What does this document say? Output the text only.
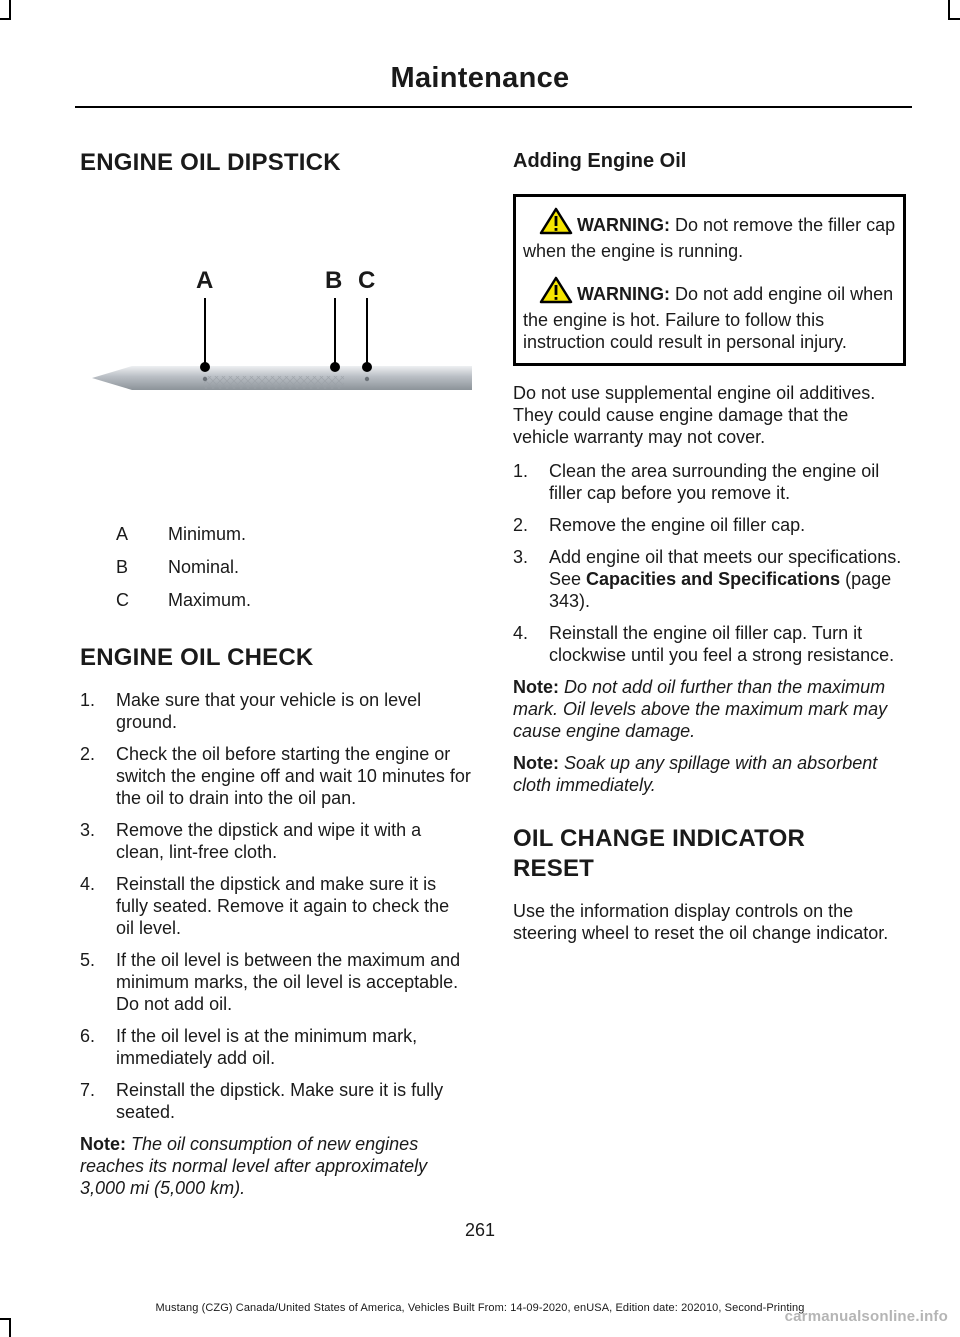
Maintenance
ENGINE OIL DIPSTICK
A	B C
A	Minimum.
B	Nominal.
C	Maximum.
ENGINE OIL CHECK
1. Make sure that your vehicle is on level ground.
2. Check the oil before starting the engine or switch the engine off and wait 10 minutes for the oil to drain into the oil pan.
3. Remove the dipstick and wipe it with a clean, lint-free cloth.
4. Reinstall the dipstick and make sure it is fully seated. Remove it again to check the oil level.
5. If the oil level is between the maximum and minimum marks, the oil level is acceptable. Do not add oil.
6. If the oil level is at the minimum mark, immediately add oil.
7. Reinstall the dipstick. Make sure it is fully seated.

Note: The oil consumption of new engines reaches its normal level after approximately 3,000 mi (5,000 km).

Adding Engine Oil

WARNING: Do not remove the filler cap when the engine is running.

WARNING: Do not add engine oil when the engine is hot. Failure to follow this instruction could result in personal injury.

Do not use supplemental engine oil additives. They could cause engine damage that the vehicle warranty may not cover.

1. Clean the area surrounding the engine oil filler cap before you remove it.
2. Remove the engine oil filler cap.
3. Add engine oil that meets our specifications. See Capacities and Specifications (page 343).
4. Reinstall the engine oil filler cap. Turn it clockwise until you feel a strong resistance.

Note: Do not add oil further than the maximum mark. Oil levels above the maximum mark may cause engine damage.

Note: Soak up any spillage with an absorbent cloth immediately.

OIL CHANGE INDICATOR
RESET

Use the information display controls on the steering wheel to reset the oil change indicator.

261
Mustang (CZG) Canada/United States of America, Vehicles Built From: 14-09-2020, enUSA, Edition date: 202010, Second-Printing
carmanualsonline.info
